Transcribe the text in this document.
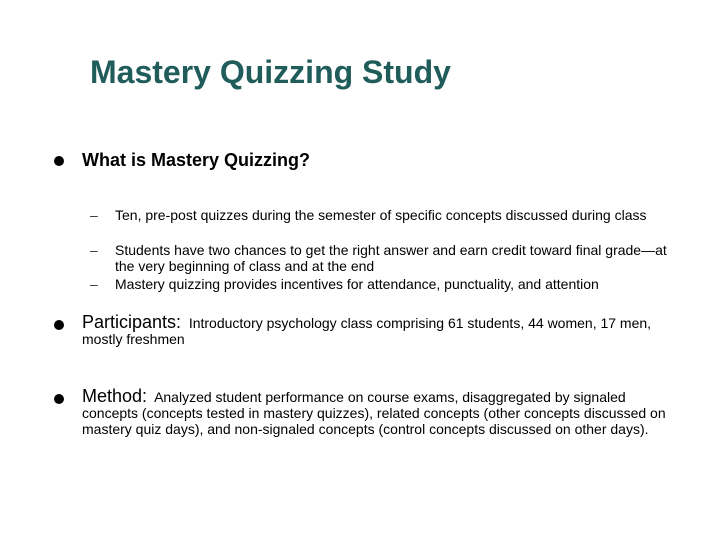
Mastery Quizzing Study

What is Mastery Quizzing?

– Ten, pre-post quizzes during the semester of specific concepts discussed during class

– Students have two chances to get the right answer and earn credit toward final grade—at the very beginning of class and at the end

– Mastery quizzing provides incentives for attendance, punctuality, and attention

Participants: Introductory psychology class comprising 61 students, 44 women, 17 men, mostly freshmen

Method: Analyzed student performance on course exams, disaggregated by signaled concepts (concepts tested in mastery quizzes), related concepts (other concepts discussed on mastery quiz days), and non-signaled concepts (control concepts discussed on other days).
